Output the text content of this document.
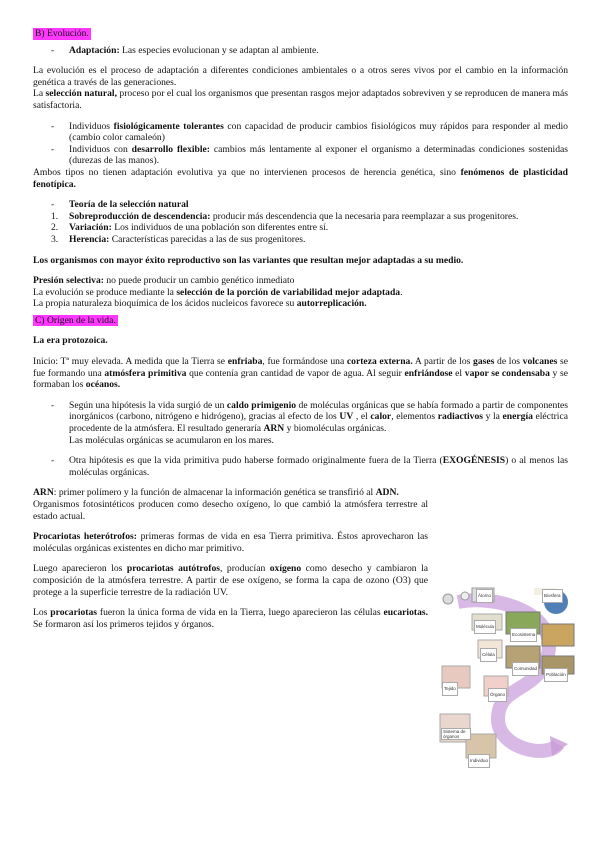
B) Evolución.

-	Adaptación: Las especies evolucionan y se adaptan al ambiente.

La evolución es el proceso de adaptación a diferentes condiciones ambientales o a otros seres vivos por el cambio en la información genética a través de las generaciones.

La selección natural, proceso por el cual los organismos que presentan rasgos mejor adaptados sobreviven y se reproducen de manera más satisfactoria.

-	Individuos fisiológicamente tolerantes con capacidad de producir cambios fisiológicos muy rápidos para responder al medio (cambio color camaleón)
-	Individuos con desarrollo flexible: cambios más lentamente al exponer el organismo a determinadas condiciones sostenidas (durezas de las manos).

Ambos tipos no tienen adaptación evolutiva ya que no intervienen procesos de herencia genética, sino fenómenos de plasticidad fenotípica.

-	Teoría de la selección natural
1.	Sobreproducción de descendencia: producir más descendencia que la necesaria para reemplazar a sus progenitores.
2.	Variación: Los individuos de una población son diferentes entre sí.
3.	Herencia: Características parecidas a las de sus progenitores.

Los organismos con mayor éxito reproductivo son las variantes que resultan mejor adaptadas a su medio.

Presión selectiva: no puede producir un cambio genético inmediato

La evolución se produce mediante la selección de la porción de variabilidad mejor adaptada.

La propia naturaleza bioquímica de los ácidos nucleicos favorece su autorreplicación.

C) Origen de la vida.

La era protozoica.

Inicio: Tª muy elevada. A medida que la Tierra se enfriaba, fue formándose una corteza externa. A partir de los gases de los volcanes se fue formando una atmósfera primitiva que contenía gran cantidad de vapor de agua. Al seguir enfriándose el vapor se condensaba y se formaban los océanos.

-	Según una hipótesis la vida surgió de un caldo primigenio de moléculas orgánicas que se había formado a partir de componentes inorgánicos (carbono, nitrógeno e hidrógeno), gracias al efecto de los UV , el calor, elementos radiactivos y la energía eléctrica procedente de la atmósfera. El resultado generaría ARN y biomoléculas orgánicas.
Las moléculas orgánicas se acumularon en los mares.
-	Otra hipótesis es que la vida primitiva pudo haberse formado originalmente fuera de la Tierra (EXOGÉNESIS) o al menos las moléculas orgánicas.

ARN: primer polímero y la función de almacenar la información genética se transfirió al ADN.

Organismos fotosintéticos producen como desecho oxígeno, lo que cambió la atmósfera terrestre al estado actual.

Procariotas heterótrofos: primeras formas de vida en esa Tierra primitiva. Éstos aprovecharon las moléculas orgánicas existentes en dicho mar primitivo.

Luego aparecieron los procariotas autótrofos, producían oxígeno como desecho y cambiaron la composición de la atmósfera terrestre. A partir de ese oxígeno, se forma la capa de ozono (O3) que protege a la superficie terrestre de la radiación UV.

Los procariotas fueron la única forma de vida en la Tierra, luego aparecieron las células eucariotas. Se formaron así los primeros tejidos y órganos.

Biosfera
Átomo
Molécula
Ecosistema
Célula
Comunidad
Tejido
Órgano
Población
Sistema de órganos
Individuo
